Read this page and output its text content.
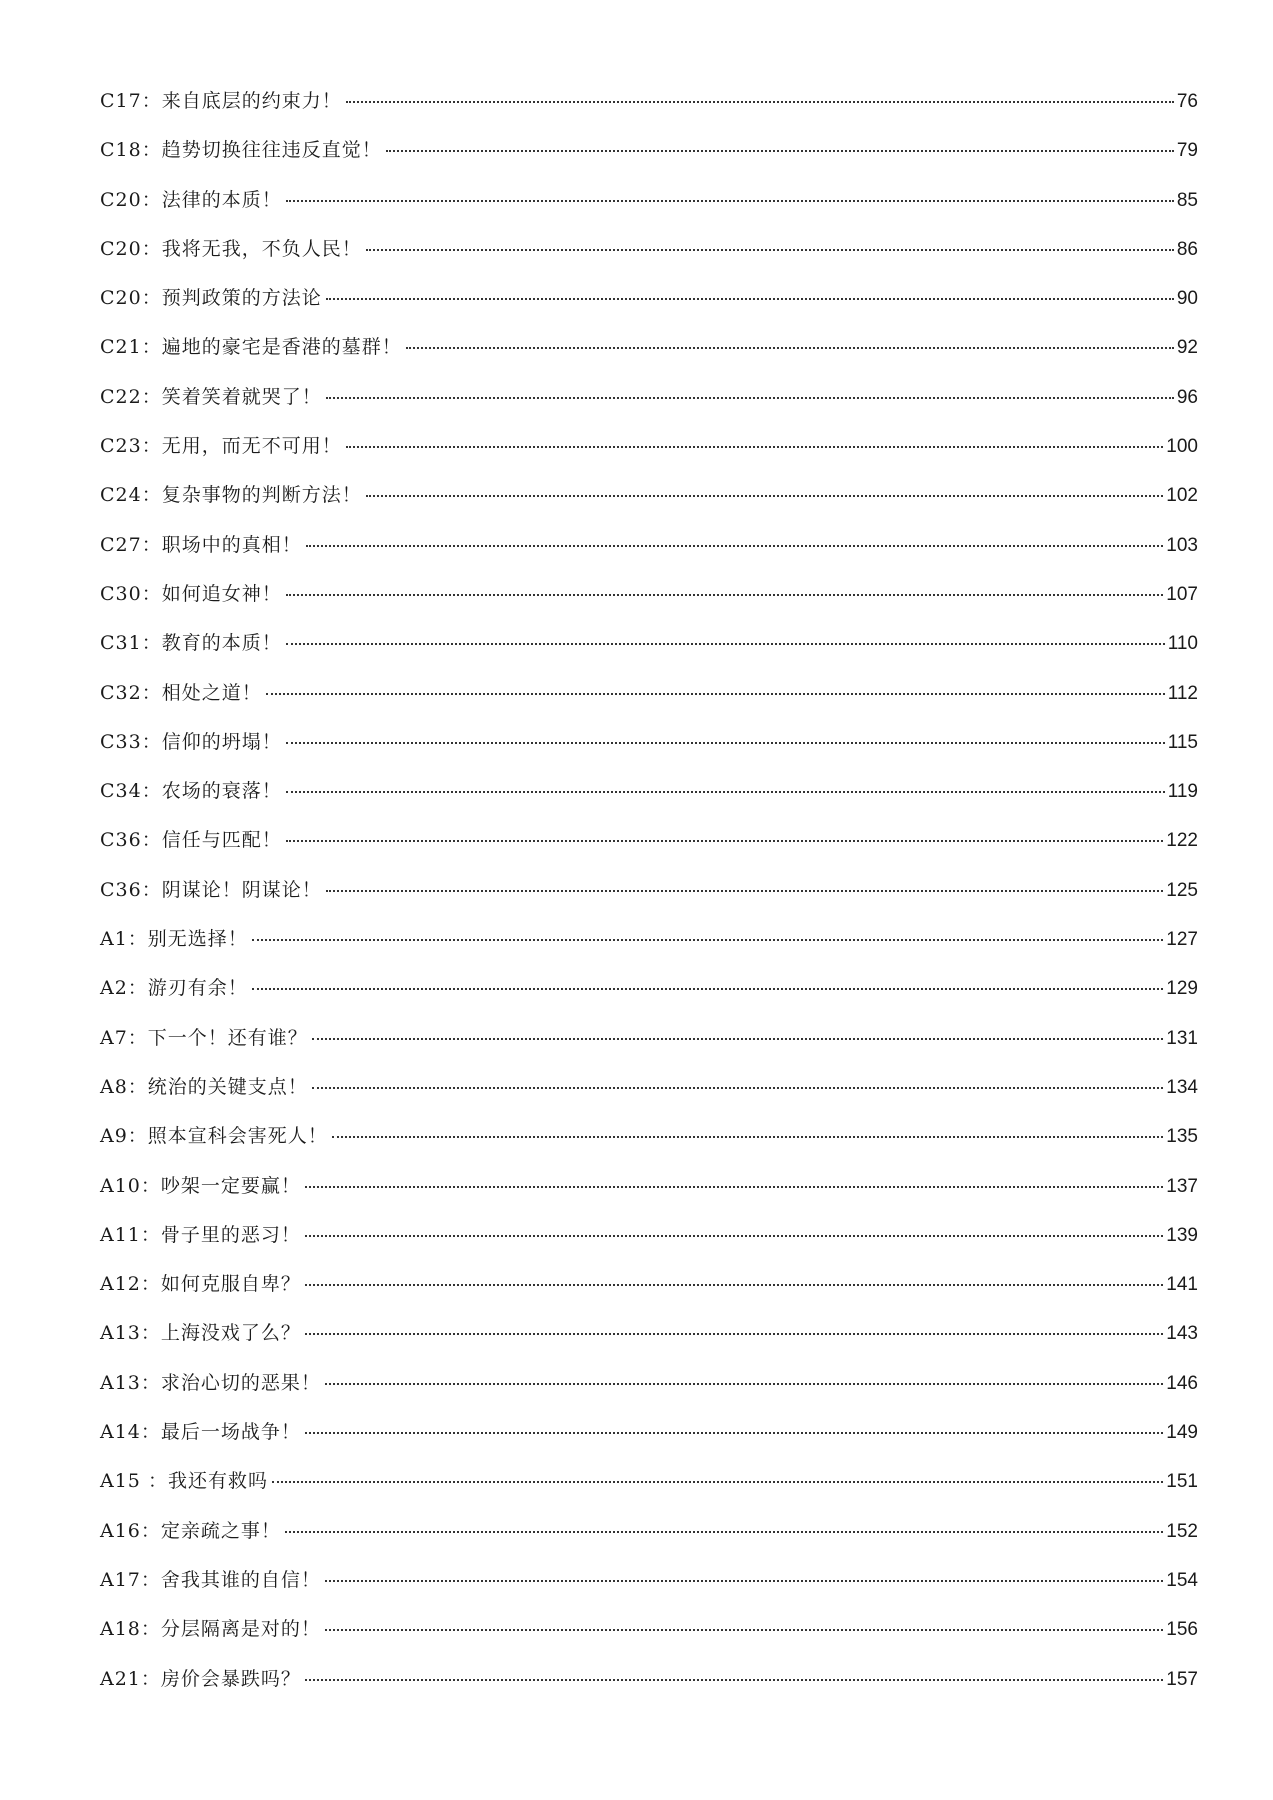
C17：来自底层的约束力！	76
C18：趋势切换往往违反直觉！	79
C20：法律的本质！	85
C20：我将无我，不负人民！	86
C20：预判政策的方法论	90
C21：遍地的豪宅是香港的墓群！	92
C22：笑着笑着就哭了！	96
C23：无用，而无不可用！	100
C24：复杂事物的判断方法！	102
C27：职场中的真相！	103
C30：如何追女神！	107
C31：教育的本质！	110
C32：相处之道！	112
C33：信仰的坍塌！	115
C34：农场的衰落！	119
C36：信任与匹配！	122
C36：阴谋论！阴谋论！	125
A1：别无选择！	127
A2：游刃有余！	129
A7：下一个！还有谁？	131
A8：统治的关键支点！	134
A9：照本宣科会害死人！	135
A10：吵架一定要赢！	137
A11：骨子里的恶习！	139
A12：如何克服自卑？	141
A13：上海没戏了么？	143
A13：求治心切的恶果！	146
A14：最后一场战争！	149
A15 ：我还有救吗	151
A16：定亲疏之事！	152
A17：舍我其谁的自信！	154
A18：分层隔离是对的！	156
A21：房价会暴跌吗？	157
